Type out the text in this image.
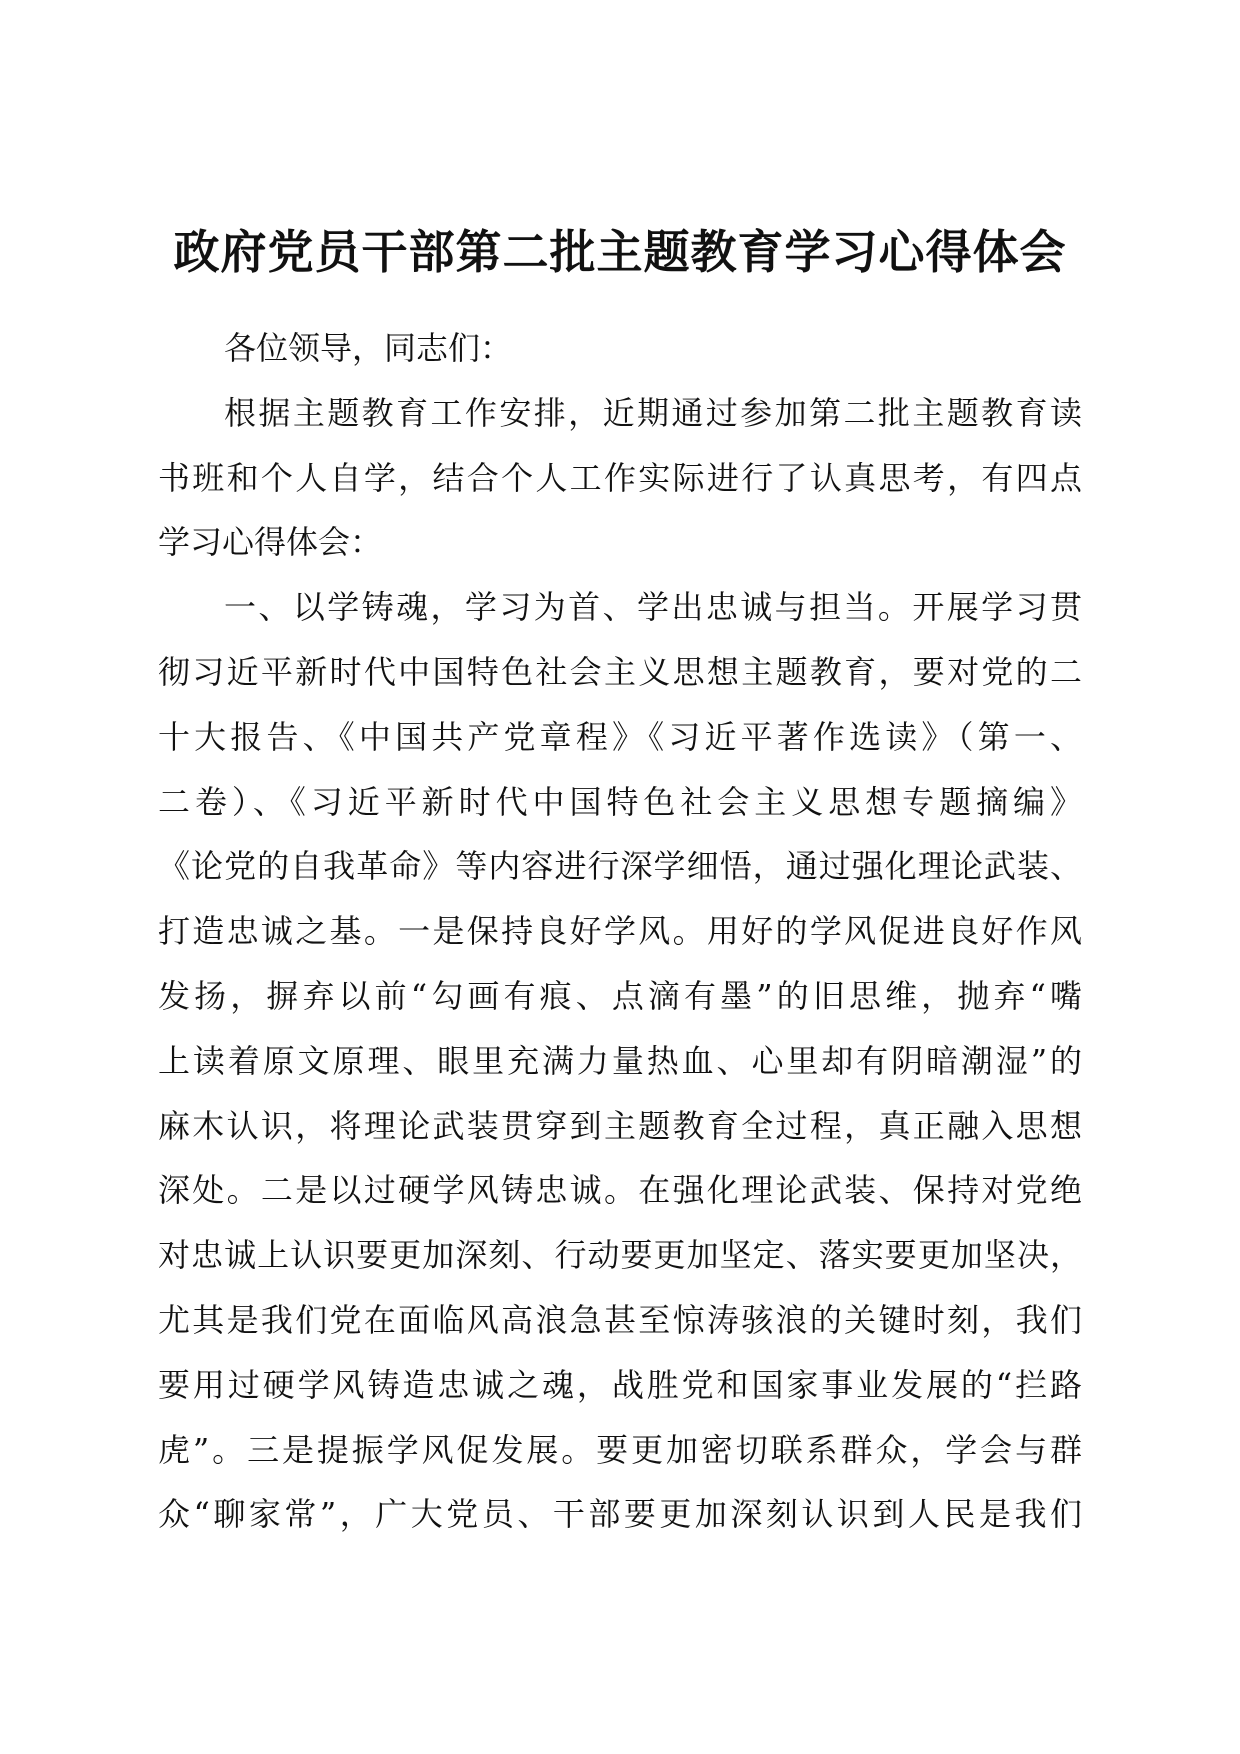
政府党员干部第二批主题教育学习心得体会
各位领导，同志们：
根据主题教育工作安排，近期通过参加第二批主题教育读
书班和个人自学，结合个人工作实际进行了认真思考，有四点
学习心得体会：
一、以学铸魂，学习为首、学出忠诚与担当。开展学习贯
彻习近平新时代中国特色社会主义思想主题教育，要对党的二
十大报告、《中国共产党章程》《习近平著作选读》（第一、
二卷）、《习近平新时代中国特色社会主义思想专题摘编》
《论党的自我革命》等内容进行深学细悟，通过强化理论武装、
打造忠诚之基。一是保持良好学风。用好的学风促进良好作风
发扬，摒弃以前“勾画有痕、点滴有墨”的旧思维，抛弃“嘴
上读着原文原理、眼里充满力量热血、心里却有阴暗潮湿”的
麻木认识，将理论武装贯穿到主题教育全过程，真正融入思想
深处。二是以过硬学风铸忠诚。在强化理论武装、保持对党绝
对忠诚上认识要更加深刻、行动要更加坚定、落实要更加坚决，
尤其是我们党在面临风高浪急甚至惊涛骇浪的关键时刻，我们
要用过硬学风铸造忠诚之魂，战胜党和国家事业发展的“拦路
虎”。三是提振学风促发展。要更加密切联系群众，学会与群
众“聊家常”，广大党员、干部要更加深刻认识到人民是我们
